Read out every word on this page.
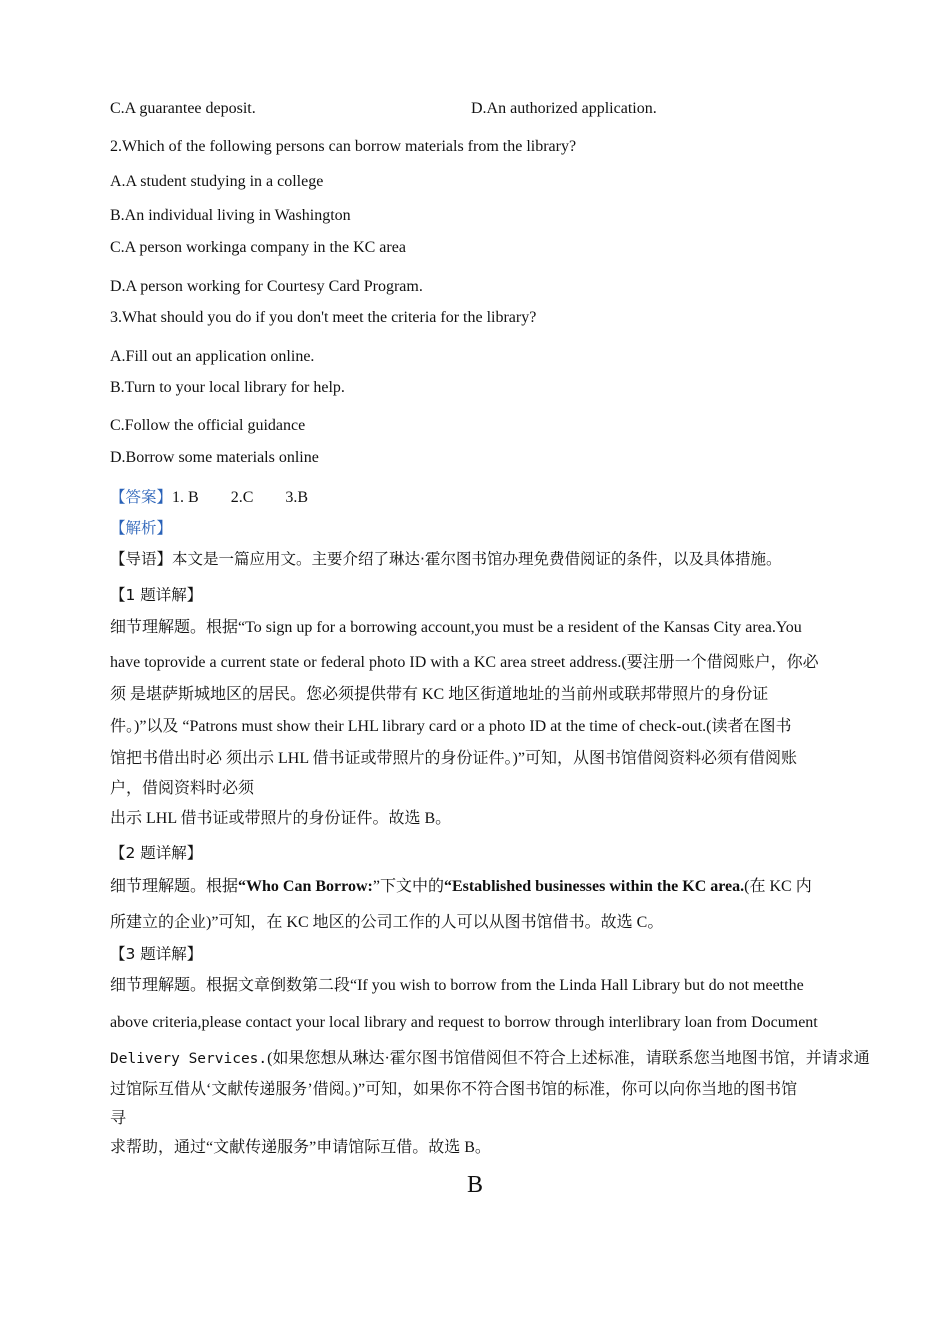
C.A guarantee deposit.	D.An authorized application.
2.Which of the following persons can borrow materials from the library?
A.A student studying in a college
B.An individual living in Washington
C.A person workinga company in the KC area
D.A person working for Courtesy Card Program.
3.What should you do if you don't meet the criteria for the library?
A.Fill out an application online.
B.Turn to your local library for help.
C.Follow the official guidance
D.Borrow some materials online
【答案】1. B 2.C 3.B
【解析】
【导语】本文是一篇应用文。主要介绍了琳达·霍尔图书馆办理免费借阅证的条件，以及具体措施。
【1 题详解】
细节理解题。根据“To sign up for a borrowing account,you must be a resident of the Kansas City area.You
have toprovide a current state or federal photo ID with a KC area street address.(要注册一个借阅账户，你必
须 是堪萨斯城地区的居民。您必须提供带有 KC 地区街道地址的当前州或联邦带照片的身份证
件。)”以及 “Patrons must show their LHL library card or a photo ID at the time of check-out.(读者在图书
馆把书借出时必 须出示 LHL 借书证或带照片的身份证件。)”可知，从图书馆借阅资料必须有借阅账
户，借阅资料时必须
出示 LHL 借书证或带照片的身份证件。故选 B。
【2 题详解】
细节理解题。根据“Who Can Borrow:”下文中的“Established businesses within the KC area.(在 KC 内
所建立的企业)”可知，在 KC 地区的公司工作的人可以从图书馆借书。故选 C。
【3 题详解】
细节理解题。根据文章倒数第二段“If you wish to borrow from the Linda Hall Library but do not meetthe
above criteria,please contact your local library and request to borrow through interlibrary loan from Document
Delivery Services.(如果您想从琳达·霍尔图书馆借阅但不符合上述标准，请联系您当地图书馆，并请求通
过馆际互借从‘文献传递服务’借阅。)”可知，如果你不符合图书馆的标准，你可以向你当地的图书馆
寻
求帮助，通过“文献传递服务”申请馆际互借。故选 B。
B
